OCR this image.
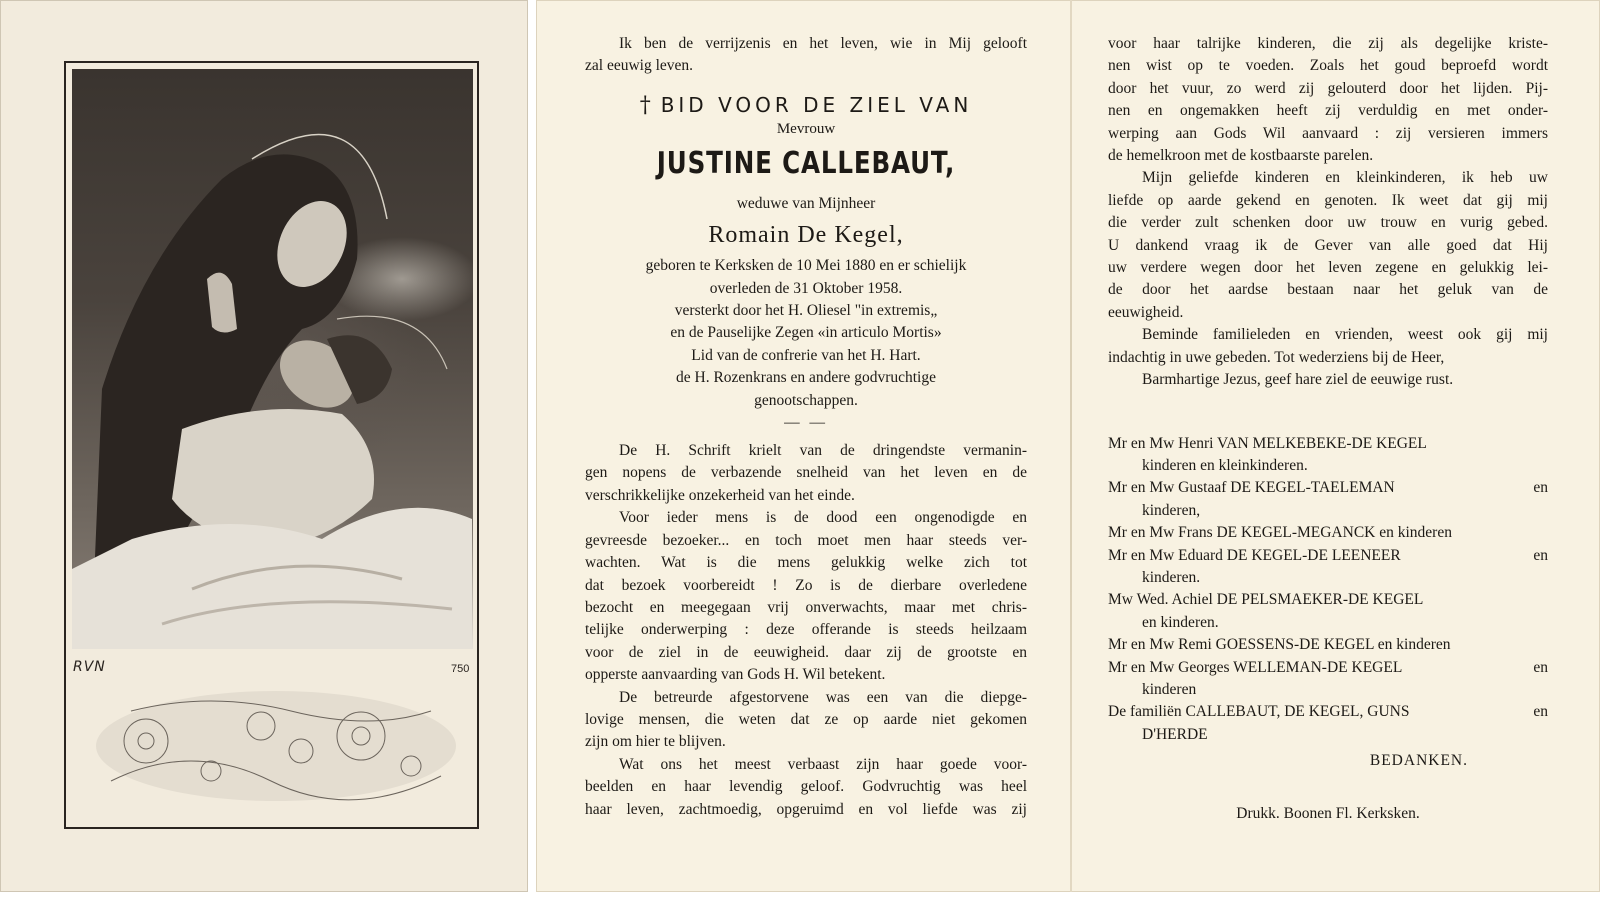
RVN	750

Ik ben de verrijzenis en het leven, wie in Mij gelooft

zal eeuwig leven.

† BID VOOR DE ZIEL VAN

Mevrouw

JUSTINE CALLEBAUT,

weduwe van Mijnheer

Romain De Kegel,

geboren te Kerksken de 10 Mei 1880 en er schielijk

overleden de 31 Oktober 1958.

versterkt door het H. Oliesel "in extremis„

en de Pauselijke Zegen «in articulo Mortis»

Lid van de confrerie van het H. Hart.

de H. Rozenkrans en andere godvruchtige

genootschappen.

— —

De H. Schrift krielt van de dringendste vermanin-

gen nopens de verbazende snelheid van het leven en de

verschrikkelijke onzekerheid van het einde.

Voor ieder mens is de dood een ongenodigde en

gevreesde bezoeker... en toch moet men haar steeds ver-

wachten. Wat is die mens gelukkig welke zich tot

dat bezoek voorbereidt ! Zo is de dierbare overledene

bezocht en meegegaan vrij onverwachts, maar met chris-

telijke onderwerping : deze offerande is steeds heilzaam

voor de ziel in de eeuwigheid. daar zij de grootste en

opperste aanvaarding van Gods H. Wil betekent.

De betreurde afgestorvene was een van die diepge-

lovige mensen, die weten dat ze op aarde niet gekomen

zijn om hier te blijven.

Wat ons het meest verbaast zijn haar goede voor-

beelden en haar levendig geloof. Godvruchtig was heel

haar leven, zachtmoedig, opgeruimd en vol liefde was zij

voor haar talrijke kinderen, die zij als degelijke kriste-

nen wist op te voeden. Zoals het goud beproefd wordt

door het vuur, zo werd zij gelouterd door het lijden. Pij-

nen en ongemakken heeft zij verduldig en met onder-

werping aan Gods Wil aanvaard : zij versieren immers

de hemelkroon met de kostbaarste parelen.

Mijn geliefde kinderen en kleinkinderen, ik heb uw

liefde op aarde gekend en genoten. Ik weet dat gij mij

die verder zult schenken door uw trouw en vurig gebed.

U dankend vraag ik de Gever van alle goed dat Hij

uw verdere wegen door het leven zegene en gelukkig lei-

de door het aardse bestaan naar het geluk van de

eeuwigheid.

Beminde familieleden en vrienden, weest ook gij mij

indachtig in uwe gebeden. Tot wederziens bij de Heer,

Barmhartige Jezus, geef hare ziel de eeuwige rust.

Mr en Mw Henri VAN MELKEBEKE-DE KEGEL

kinderen en kleinkinderen.

Mr en Mw Gustaaf DE KEGEL-TAELEMAN	en

kinderen,

Mr en Mw Frans DE KEGEL-MEGANCK en kinderen

Mr en Mw Eduard DE KEGEL-DE LEENEER	en

kinderen.

Mw Wed. Achiel DE PELSMAEKER-DE KEGEL

en kinderen.

Mr en Mw Remi GOESSENS-DE KEGEL en kinderen

Mr en Mw Georges WELLEMAN-DE KEGEL	en

kinderen

De familiën CALLEBAUT, DE KEGEL, GUNS	en

D'HERDE

BEDANKEN.

Drukk. Boonen Fl. Kerksken.
